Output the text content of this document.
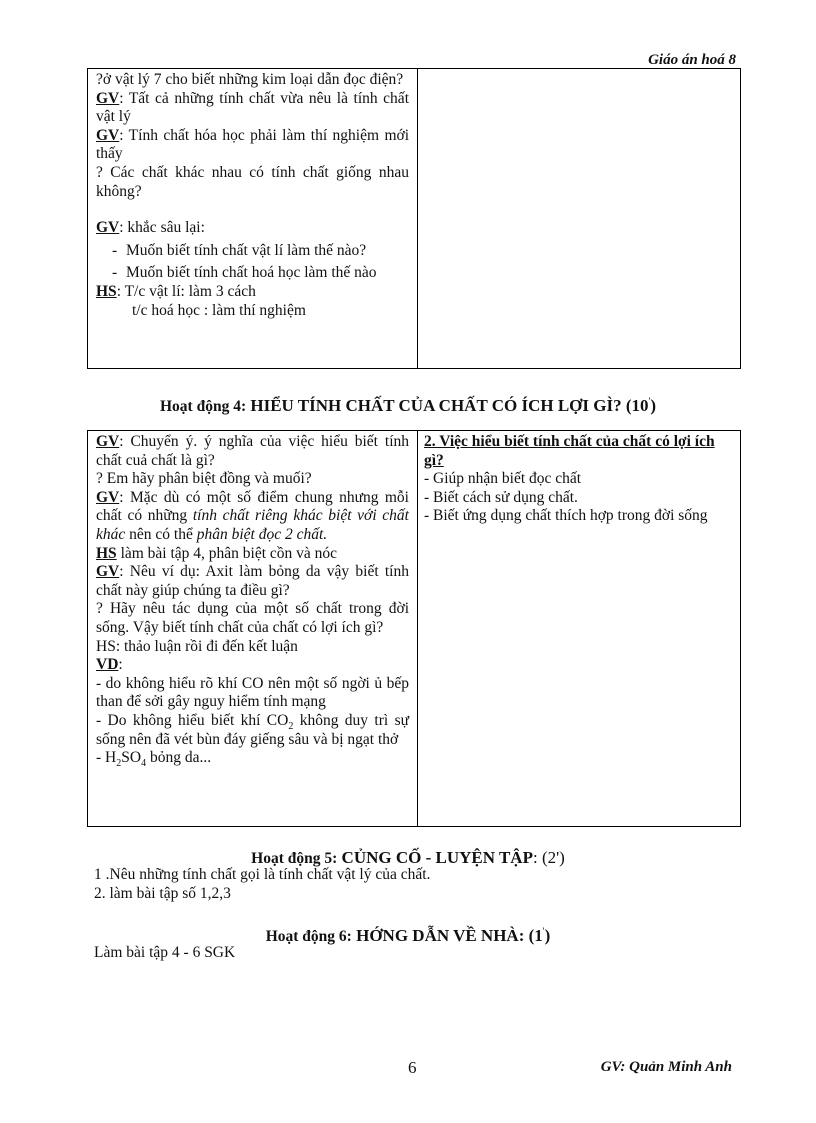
Giáo án hoá 8

?ở vật lý 7 cho biết những kim loại dẫn đọc điện?

GV: Tất cả những tính chất vừa nêu là tính chất vật lý

GV: Tính chất hóa học phải làm thí nghiệm mới thấy

? Các chất khác nhau có tính chất giống nhau không?

GV: khắc sâu lại:

- Muốn biết tính chất vật lí làm thế nào?
- Muốn biết tính chất hoá học làm thế nào

HS: T/c vật lí: làm 3 cách

t/c hoá học : làm thí nghiệm

Hoạt động 4: HIỂU TÍNH CHẤT CỦA CHẤT CÓ ÍCH LỢI GÌ? (10')

GV: Chuyển ý. ý nghĩa của việc hiểu biết tính chất cuả chất là gì?

? Em hãy phân biệt đồng và muối?

GV: Mặc dù có một số điểm chung nhưng mỗi chất có những tính chất riêng khác biệt với chất khác nên có thể phân biệt đọc 2 chất.

HS làm bài tập 4, phân biệt cồn và nóc

GV: Nêu ví dụ: Axit làm bỏng da vậy biết tính chất này giúp chúng ta điều gì?

? Hãy nêu tác dụng của một số chất trong đời sống. Vậy biết tính chất của chất có lợi ích gì?

HS: thảo luận rồi đi đến kết luận

VD:

- do không hiểu rõ khí CO nên một số ngời ủ bếp than để sởi gây nguy hiểm tính mạng

- Do không hiểu biết khí $CO_2$ không duy trì sự sống nên đã vét bùn đáy giếng sâu và bị ngạt thở

- $H_2SO_4$ bỏng da...

2. Việc hiểu biết tính chất của chất có lợi ích gì?

- Giúp nhận biết đọc chất

- Biết cách sử dụng chất.

- Biết ứng dụng chất thích hợp trong đời sống

Hoạt động 5: CỦNG CỐ - LUYỆN TẬP: (2')
1 .Nêu những tính chất gọi là tính chất vật lý của chất.
2. làm bài tập số 1,2,3
Hoạt động 6: HỚNG DẪN VỀ NHÀ: (1')
Làm bài tập 4 - 6 SGK
6	GV: Quản Minh Anh
